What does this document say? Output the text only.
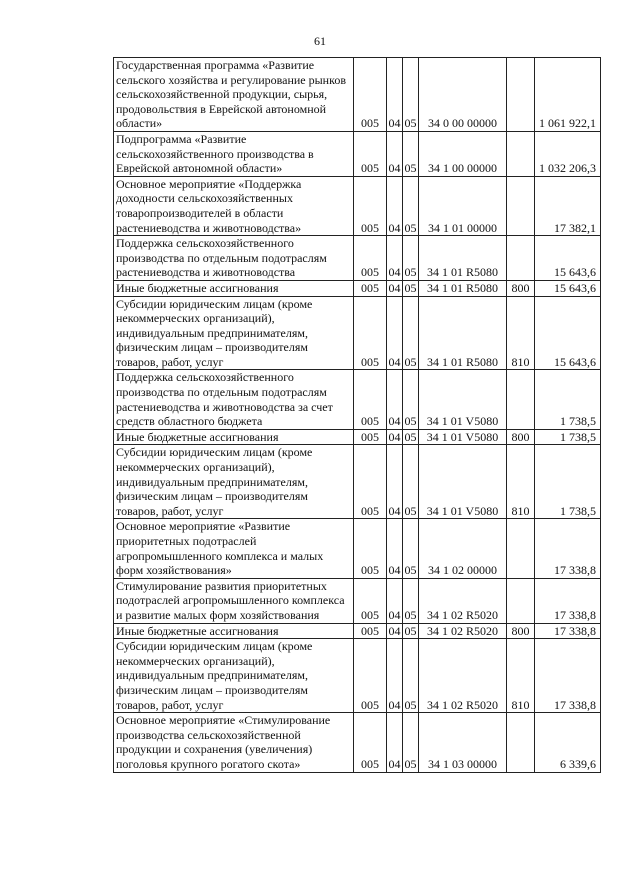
61
Государственная программа «Развитие сельского хозяйства и регулирование рынков сельскохозяйственной продукции, сырья, продовольствия в Еврейской автономной области»	005	04	05	34 0 00 00000		1 061 922,1
Подпрограмма «Развитие сельскохозяйственного производства в Еврейской автономной области»	005	04	05	34 1 00 00000		1 032 206,3
Основное мероприятие «Поддержка доходности сельскохозяйственных товаропроизводителей в области растениеводства и животноводства»	005	04	05	34 1 01 00000		17 382,1
Поддержка сельскохозяйственного производства по отдельным подотраслям растениеводства и животноводства	005	04	05	34 1 01 R5080		15 643,6
Иные бюджетные ассигнования	005	04	05	34 1 01 R5080	800	15 643,6
Субсидии юридическим лицам (кроме некоммерческих организаций), индивидуальным предпринимателям, физическим лицам – производителям товаров, работ, услуг	005	04	05	34 1 01 R5080	810	15 643,6
Поддержка сельскохозяйственного производства по отдельным подотраслям растениеводства и животноводства за счет средств областного бюджета	005	04	05	34 1 01 V5080		1 738,5
Иные бюджетные ассигнования	005	04	05	34 1 01 V5080	800	1 738,5
Субсидии юридическим лицам (кроме некоммерческих организаций), индивидуальным предпринимателям, физическим лицам – производителям товаров, работ, услуг	005	04	05	34 1 01 V5080	810	1 738,5
Основное мероприятие «Развитие приоритетных подотраслей агропромышленного комплекса и малых форм хозяйствования»	005	04	05	34 1 02 00000		17 338,8
Стимулирование развития приоритетных подотраслей агропромышленного комплекса и развитие малых форм хозяйствования	005	04	05	34 1 02 R5020		17 338,8
Иные бюджетные ассигнования	005	04	05	34 1 02 R5020	800	17 338,8
Субсидии юридическим лицам (кроме некоммерческих организаций), индивидуальным предпринимателям, физическим лицам – производителям товаров, работ, услуг	005	04	05	34 1 02 R5020	810	17 338,8
Основное мероприятие «Стимулирование производства сельскохозяйственной продукции и сохранения (увеличения) поголовья крупного рогатого скота»	005	04	05	34 1 03 00000		6 339,6
